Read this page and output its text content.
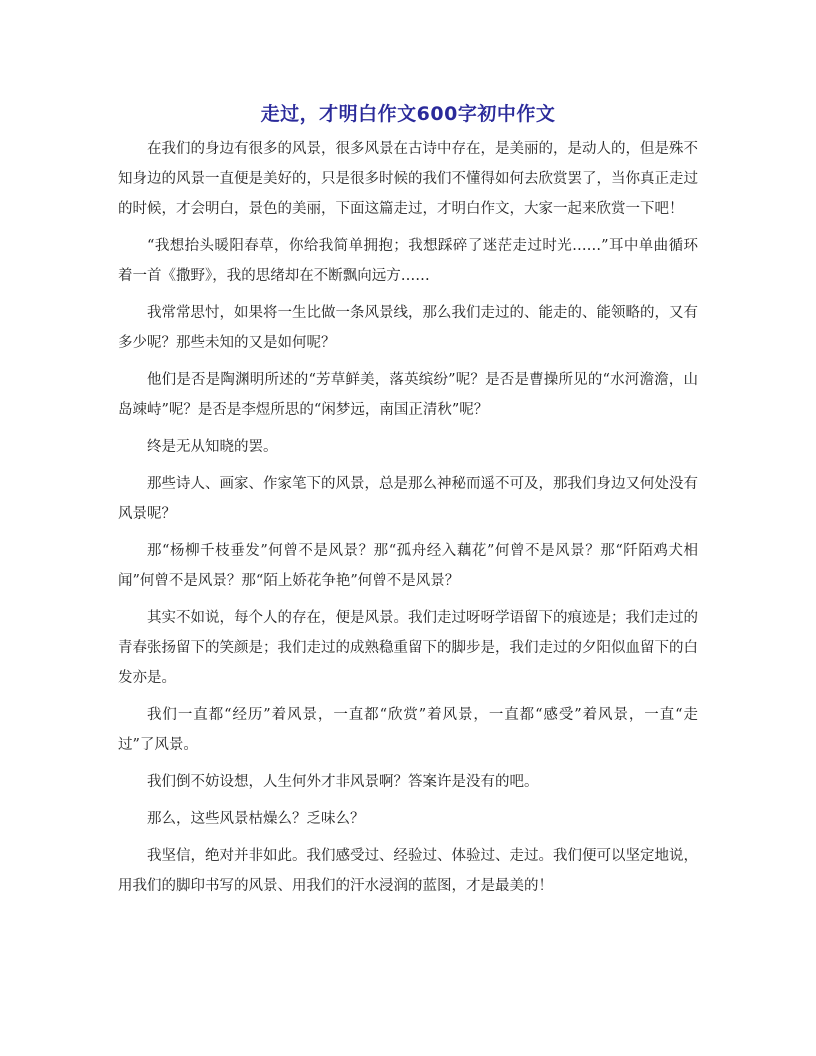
走过，才明白作文600字初中作文

在我们的身边有很多的风景，很多风景在古诗中存在，是美丽的，是动人的，但是殊不知身边的风景一直便是美好的，只是很多时候的我们不懂得如何去欣赏罢了，当你真正走过的时候，才会明白，景色的美丽，下面这篇走过，才明白作文，大家一起来欣赏一下吧！

“我想抬头暖阳春草，你给我简单拥抱；我想踩碎了迷茫走过时光……”耳中单曲循环着一首《撒野》，我的思绪却在不断飘向远方……

我常常思忖，如果将一生比做一条风景线，那么我们走过的、能走的、能领略的，又有多少呢？那些未知的又是如何呢？

他们是否是陶渊明所述的“芳草鲜美，落英缤纷”呢？是否是曹操所见的“水河澹澹，山岛竦峙”呢？是否是李煜所思的“闲梦远，南国正清秋”呢？

终是无从知晓的罢。

那些诗人、画家、作家笔下的风景，总是那么神秘而遥不可及，那我们身边又何处没有风景呢？

那“杨柳千枝垂发”何曾不是风景？那“孤舟经入藕花”何曾不是风景？那“阡陌鸡犬相闻”何曾不是风景？那“陌上娇花争艳”何曾不是风景？

其实不如说，每个人的存在，便是风景。我们走过呀呀学语留下的痕迹是；我们走过的青春张扬留下的笑颜是；我们走过的成熟稳重留下的脚步是，我们走过的夕阳似血留下的白发亦是。

我们一直都“经历”着风景，一直都“欣赏”着风景，一直都“感受”着风景，一直“走过”了风景。

我们倒不妨设想，人生何外才非风景啊？答案许是没有的吧。

那么，这些风景枯燥么？乏味么？

我坚信，绝对并非如此。我们感受过、经验过、体验过、走过。我们便可以坚定地说，用我们的脚印书写的风景、用我们的汗水浸润的蓝图，才是最美的！
